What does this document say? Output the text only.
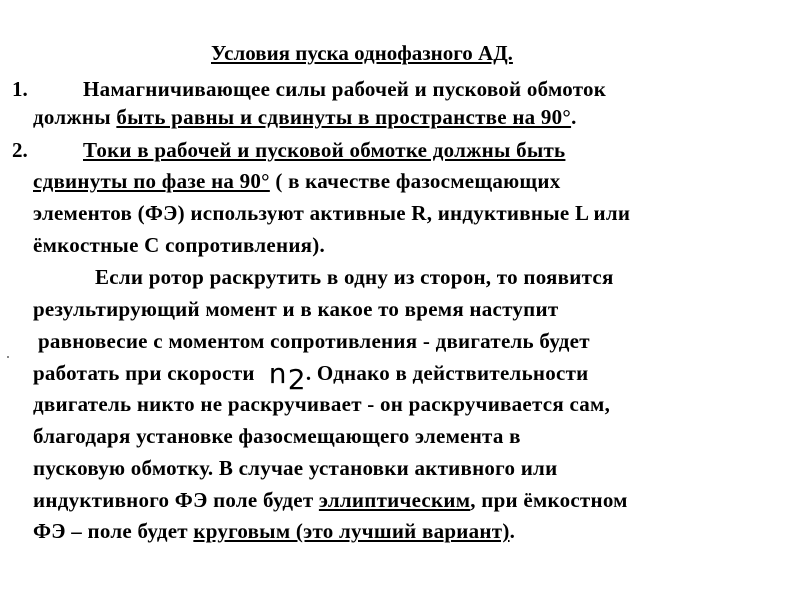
Условия пуска однофазного АД.
1.	Намагничивающее силы рабочей и пусковой обмоток
должны быть равны и сдвинуты в пространстве на 90°.
2.	Токи в рабочей и пусковой обмотке должны быть
сдвинуты по фазе на 90° ( в качестве фазосмещающих
элементов (ФЭ) используют активные R, индуктивные L или
ёмкостные С сопротивления).
Если ротор раскрутить в одну из сторон, то появится
результирующий момент и в какое то время наступит
равновесие с моментом сопротивления - двигатель будет
работать при скорости n2. Однако в действительности
двигатель никто не раскручивает - он раскручивается сам,
благодаря установке фазосмещающего элемента в
пусковую обмотку. В случае установки активного или
индуктивного ФЭ поле будет эллиптическим, при ёмкостном
ФЭ – поле будет круговым (это лучший вариант).
